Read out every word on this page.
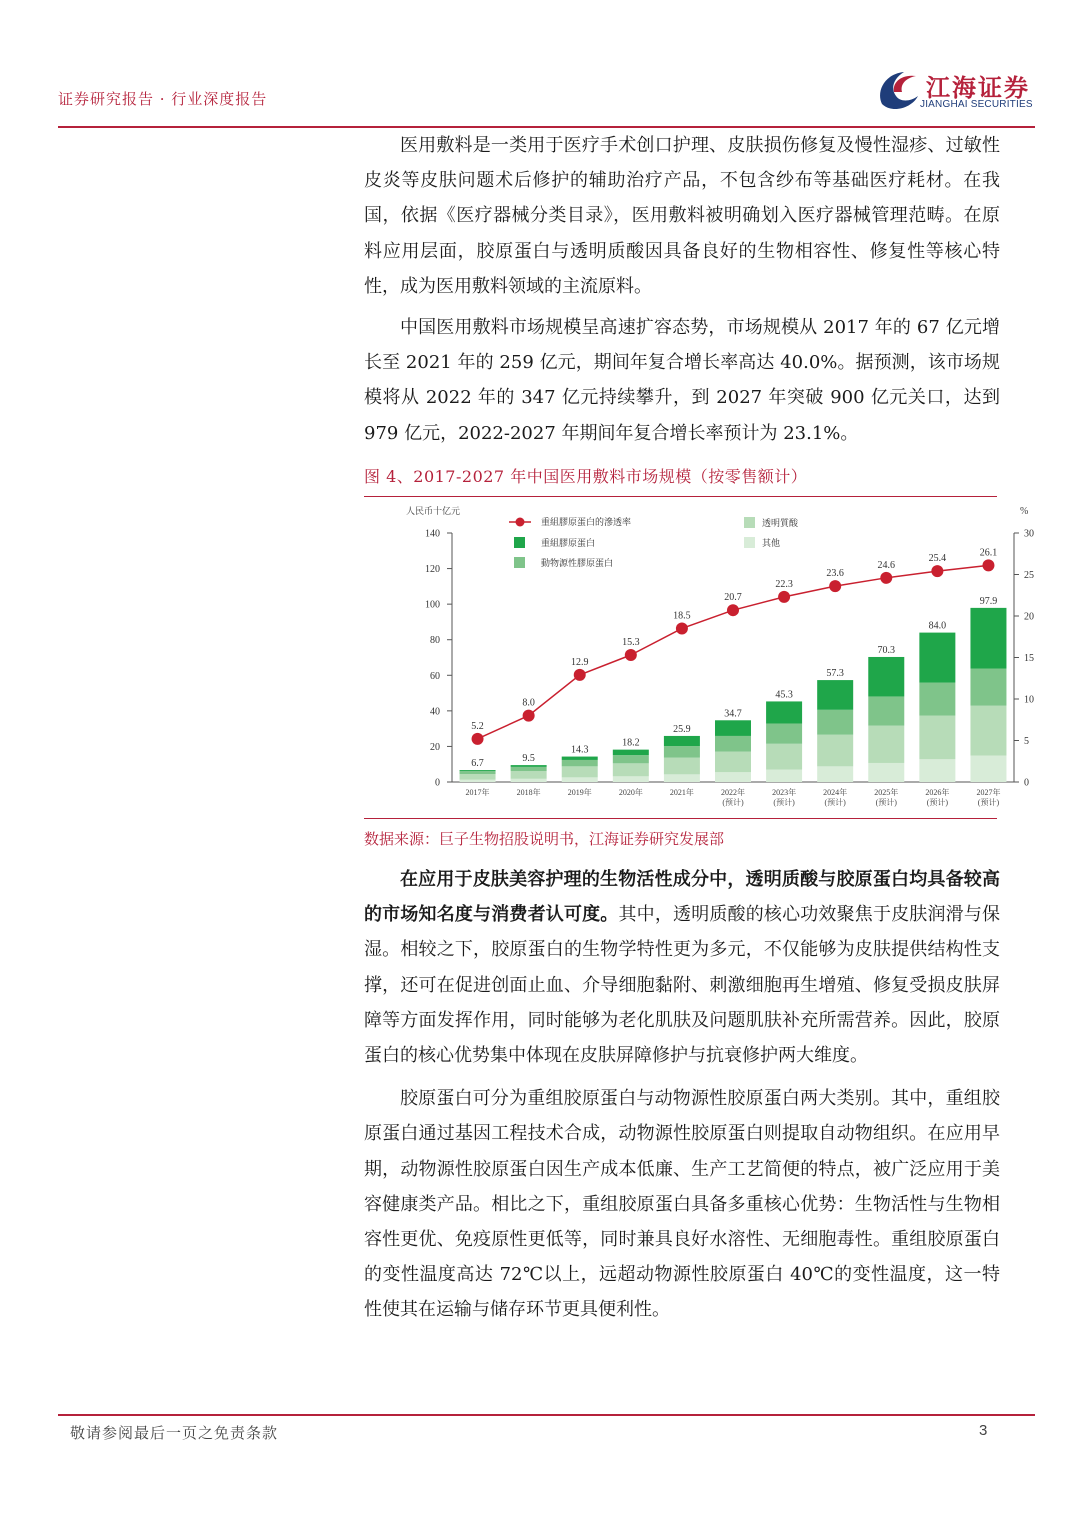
证券研究报告 · 行业深度报告	江海证券
JIANGHAI SECURITIES

医用敷料是一类用于医疗手术创口护理、皮肤损伤修复及慢性湿疹、过敏性皮炎等皮肤问题术后修护的辅助治疗产品，不包含纱布等基础医疗耗材。在我国，依据《医疗器械分类目录》，医用敷料被明确划入医疗器械管理范畴。在原料应用层面，胶原蛋白与透明质酸因具备良好的生物相容性、修复性等核心特性，成为医用敷料领域的主流原料。

中国医用敷料市场规模呈高速扩容态势，市场规模从 2017 年的 67 亿元增长至 2021 年的 259 亿元，期间年复合增长率高达 40.0%。据预测，该市场规模将从 2022 年的 347 亿元持续攀升，到 2027 年突破 900 亿元关口，达到 979 亿元，2022-2027 年期间年复合增长率预计为 23.1%。

图 4、2017-2027 年中国医用敷料市场规模（按零售额计）
人民币十亿元	%
0
20
40
60
80
100
120
140
0
5
10
15
20
25
30
6.7
2017年
9.5
2018年
14.3
2019年
18.2
2020年
25.9
2021年
34.7
2022年
(预计)
45.3
2023年
(预计)
57.3
2024年
(预计)
70.3
2025年
(预计)
84.0
2026年
(预计)
97.9
2027年
(预计)
5.2
8.0
12.9
15.3
18.5
20.7
22.3
23.6
24.6
25.4
26.1
重組膠原蛋白的滲透率
重組膠原蛋白
動物源性膠原蛋白
透明質酸
其他
数据来源：巨子生物招股说明书，江海证券研究发展部

在应用于皮肤美容护理的生物活性成分中，透明质酸与胶原蛋白均具备较高的市场知名度与消费者认可度。其中，透明质酸的核心功效聚焦于皮肤润滑与保湿。相较之下，胶原蛋白的生物学特性更为多元，不仅能够为皮肤提供结构性支撑，还可在促进创面止血、介导细胞黏附、刺激细胞再生增殖、修复受损皮肤屏障等方面发挥作用，同时能够为老化肌肤及问题肌肤补充所需营养。因此，胶原蛋白的核心优势集中体现在皮肤屏障修护与抗衰修护两大维度。

胶原蛋白可分为重组胶原蛋白与动物源性胶原蛋白两大类别。其中，重组胶原蛋白通过基因工程技术合成，动物源性胶原蛋白则提取自动物组织。在应用早期，动物源性胶原蛋白因生产成本低廉、生产工艺简便的特点，被广泛应用于美容健康类产品。相比之下，重组胶原蛋白具备多重核心优势：生物活性与生物相容性更优、免疫原性更低等，同时兼具良好水溶性、无细胞毒性。重组胶原蛋白的变性温度高达 72℃以上，远超动物源性胶原蛋白 40℃的变性温度，这一特性使其在运输与储存环节更具便利性。

敬请参阅最后一页之免责条款	3
